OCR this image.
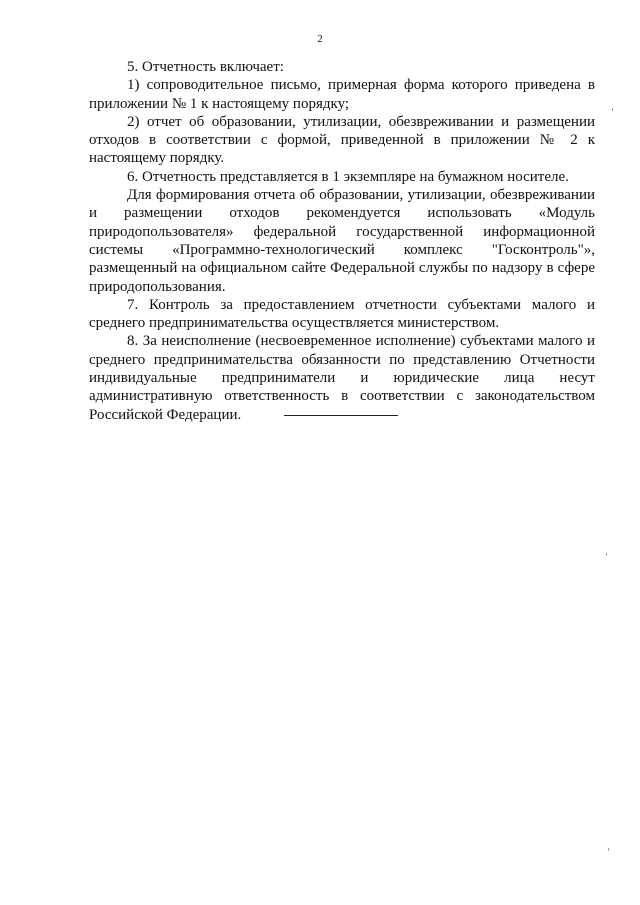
2

5. Отчетность включает:

1) сопроводительное письмо, примерная форма которого приведена в приложении № 1 к настоящему порядку;

2) отчет об образовании, утилизации, обезвреживании и размещении отходов в соответствии с формой, приведенной в приложении № 2 к настоящему порядку.

6. Отчетность представляется в 1 экземпляре на бумажном носителе.

Для формирования отчета об образовании, утилизации, обезвреживании и размещении отходов рекомендуется использовать «Модуль природопользователя» федеральной государственной информационной системы «Программно-технологический комплекс "Госконтроль"», размещенный на официальном сайте Федеральной службы по надзору в сфере природопользования.

7. Контроль за предоставлением отчетности субъектами малого и среднего предпринимательства осуществляется министерством.

8. За неисполнение (несвоевременное исполнение) субъектами малого и среднего предпринимательства обязанности по представлению Отчетности индивидуальные предприниматели и юридические лица несут административную ответственность в соответствии с законодательством Российской Федерации.
